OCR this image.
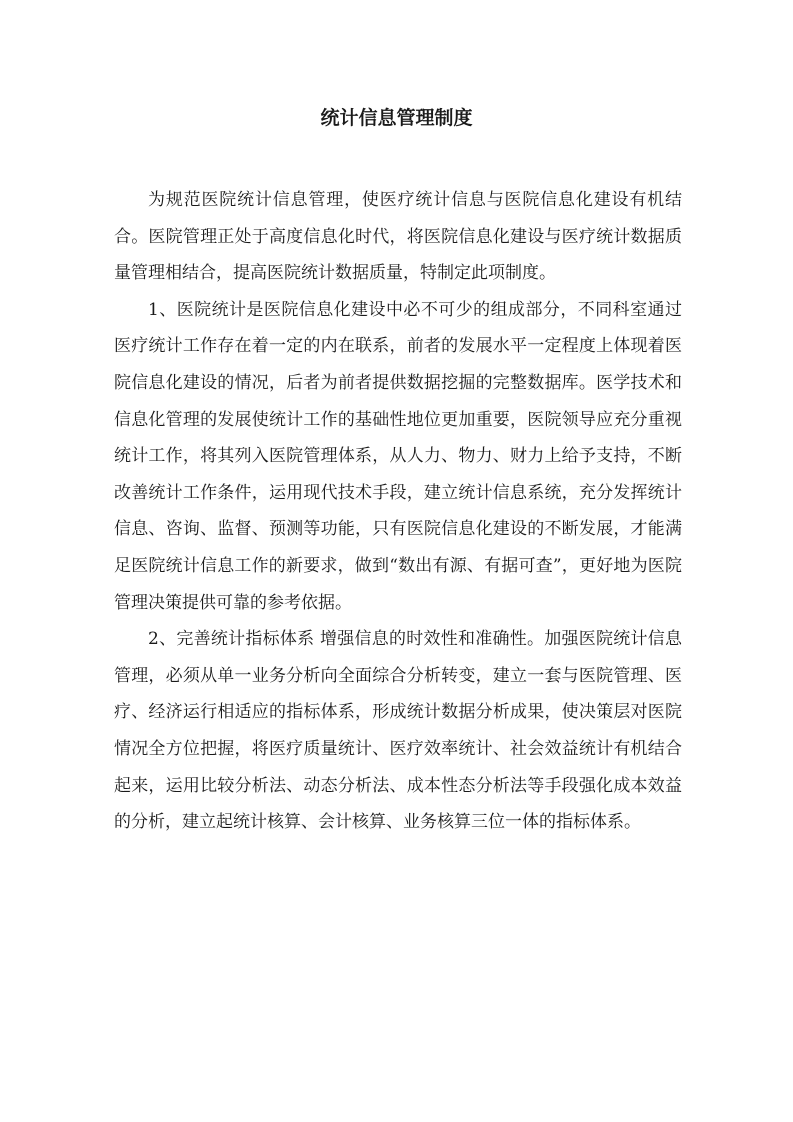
统计信息管理制度

为规范医院统计信息管理，使医疗统计信息与医院信息化建设有机结合。医院管理正处于高度信息化时代，将医院信息化建设与医疗统计数据质量管理相结合，提高医院统计数据质量，特制定此项制度。

1、医院统计是医院信息化建设中必不可少的组成部分，不同科室通过医疗统计工作存在着一定的内在联系，前者的发展水平一定程度上体现着医院信息化建设的情况，后者为前者提供数据挖掘的完整数据库。医学技术和信息化管理的发展使统计工作的基础性地位更加重要，医院领导应充分重视统计工作，将其列入医院管理体系，从人力、物力、财力上给予支持，不断改善统计工作条件，运用现代技术手段，建立统计信息系统，充分发挥统计信息、咨询、监督、预测等功能，只有医院信息化建设的不断发展，才能满足医院统计信息工作的新要求，做到“数出有源、有据可查”，更好地为医院管理决策提供可靠的参考依据。

2、完善统计指标体系 增强信息的时效性和准确性。加强医院统计信息管理，必须从单一业务分析向全面综合分析转变，建立一套与医院管理、医疗、经济运行相适应的指标体系，形成统计数据分析成果，使决策层对医院情况全方位把握，将医疗质量统计、医疗效率统计、社会效益统计有机结合起来，运用比较分析法、动态分析法、成本性态分析法等手段强化成本效益的分析，建立起统计核算、会计核算、业务核算三位一体的指标体系。
